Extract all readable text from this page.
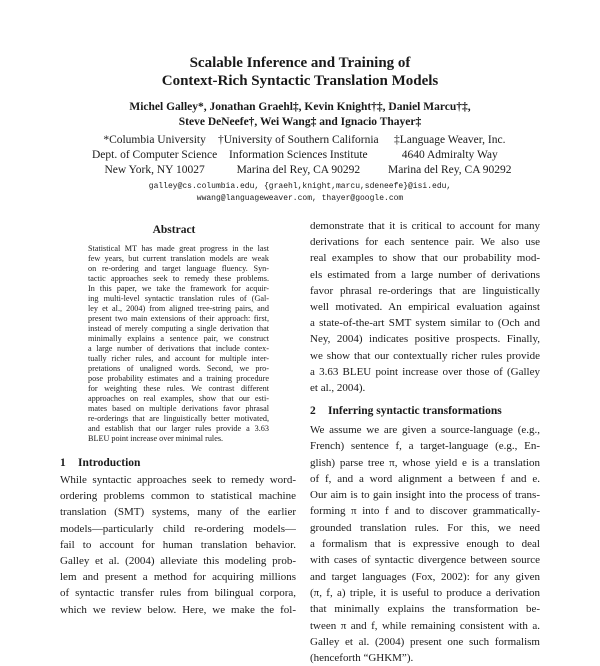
Scalable Inference and Training of
Context-Rich Syntactic Translation Models
Michel Galley*, Jonathan Graehl‡, Kevin Knight†‡, Daniel Marcu†‡,
Steve DeNeefe†, Wei Wang‡ and Ignacio Thayer‡
*Columbia University
Dept. of Computer Science
New York, NY 10027
†University of Southern California
Information Sciences Institute
Marina del Rey, CA 90292
‡Language Weaver, Inc.
4640 Admiralty Way
Marina del Rey, CA 90292
galley@cs.columbia.edu, {graehl,knight,marcu,sdeneefe}@isi.edu,
wwang@languageweaver.com, thayer@google.com
Abstract
Statistical MT has made great progress in the last
few years, but current translation models are weak
on re-ordering and target language fluency. Syn-
tactic approaches seek to remedy these problems.
In this paper, we take the framework for acquir-
ing multi-level syntactic translation rules of (Gal-
ley et al., 2004) from aligned tree-string pairs, and
present two main extensions of their approach: first,
instead of merely computing a single derivation that
minimally explains a sentence pair, we construct
a large number of derivations that include contex-
tually richer rules, and account for multiple inter-
pretations of unaligned words. Second, we pro-
pose probability estimates and a training procedure
for weighting these rules. We contrast different
approaches on real examples, show that our esti-
mates based on multiple derivations favor phrasal
re-orderings that are linguistically better motivated,
and establish that our larger rules provide a 3.63
BLEU point increase over minimal rules.
1 Introduction
While syntactic approaches seek to remedy word-
ordering problems common to statistical machine
translation (SMT) systems, many of the earlier
models—particularly child re-ordering models—
fail to account for human translation behavior.
Galley et al. (2004) alleviate this modeling prob-
lem and present a method for acquiring millions
of syntactic transfer rules from bilingual corpora,
which we review below. Here, we make the fol-
demonstrate that it is critical to account for many
derivations for each sentence pair. We also use
real examples to show that our probability mod-
els estimated from a large number of derivations
favor phrasal re-orderings that are linguistically
well motivated. An empirical evaluation against
a state-of-the-art SMT system similar to (Och and
Ney, 2004) indicates positive prospects. Finally,
we show that our contextually richer rules provide
a 3.63 BLEU point increase over those of (Galley
et al., 2004).
2 Inferring syntactic transformations
We assume we are given a source-language (e.g.,
French) sentence f, a target-language (e.g., En-
glish) parse tree π, whose yield e is a translation
of f, and a word alignment a between f and e.
Our aim is to gain insight into the process of trans-
forming π into f and to discover grammatically-
grounded translation rules. For this, we need
a formalism that is expressive enough to deal
with cases of syntactic divergence between source
and target languages (Fox, 2002): for any given
(π, f, a) triple, it is useful to produce a derivation
that minimally explains the transformation be-
tween π and f, while remaining consistent with a.
Galley et al. (2004) present one such formalism
(henceforth “GHKM”).
